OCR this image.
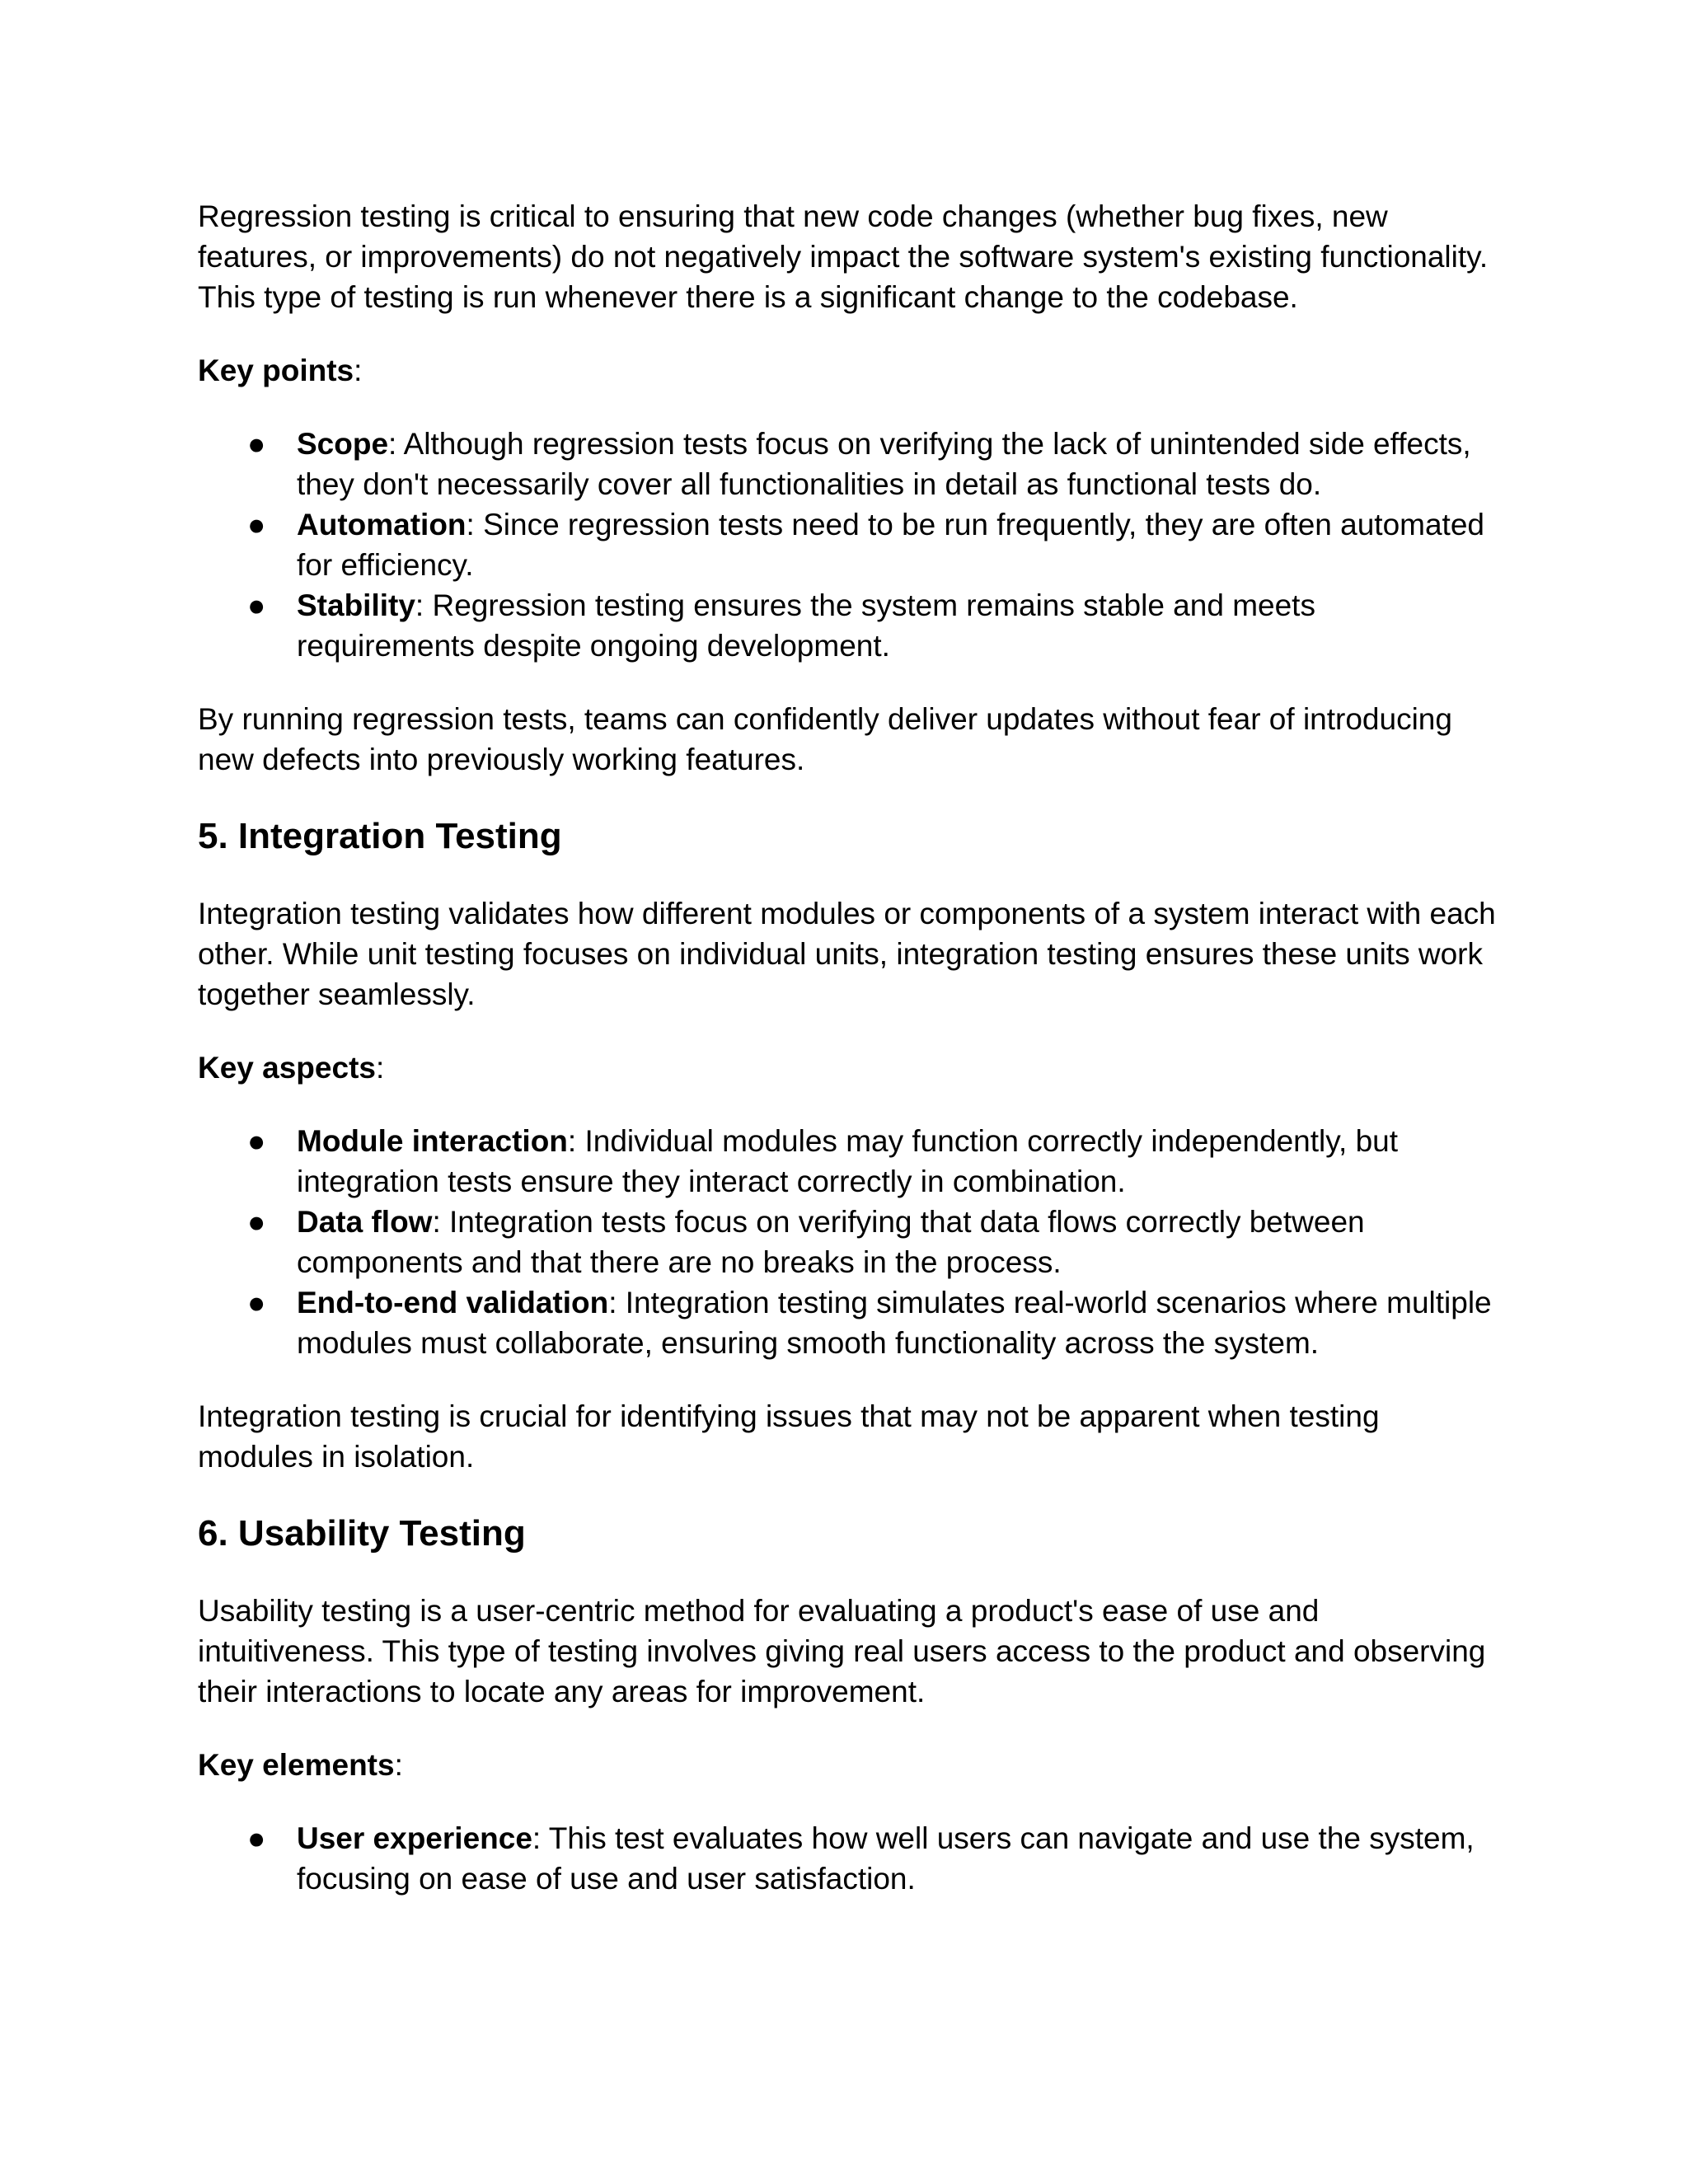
Regression testing is critical to ensuring that new code changes (whether bug fixes, new features, or improvements) do not negatively impact the software system's existing functionality. This type of testing is run whenever there is a significant change to the codebase.

Key points:

● Scope: Although regression tests focus on verifying the lack of unintended side effects, they don't necessarily cover all functionalities in detail as functional tests do.
● Automation: Since regression tests need to be run frequently, they are often automated for efficiency.
● Stability: Regression testing ensures the system remains stable and meets requirements despite ongoing development.

By running regression tests, teams can confidently deliver updates without fear of introducing new defects into previously working features.

5. Integration Testing

Integration testing validates how different modules or components of a system interact with each other. While unit testing focuses on individual units, integration testing ensures these units work together seamlessly.

Key aspects:

● Module interaction: Individual modules may function correctly independently, but integration tests ensure they interact correctly in combination.
● Data flow: Integration tests focus on verifying that data flows correctly between components and that there are no breaks in the process.
● End-to-end validation: Integration testing simulates real-world scenarios where multiple modules must collaborate, ensuring smooth functionality across the system.

Integration testing is crucial for identifying issues that may not be apparent when testing modules in isolation.

6. Usability Testing

Usability testing is a user-centric method for evaluating a product's ease of use and intuitiveness. This type of testing involves giving real users access to the product and observing their interactions to locate any areas for improvement.

Key elements:

● User experience: This test evaluates how well users can navigate and use the system, focusing on ease of use and user satisfaction.
